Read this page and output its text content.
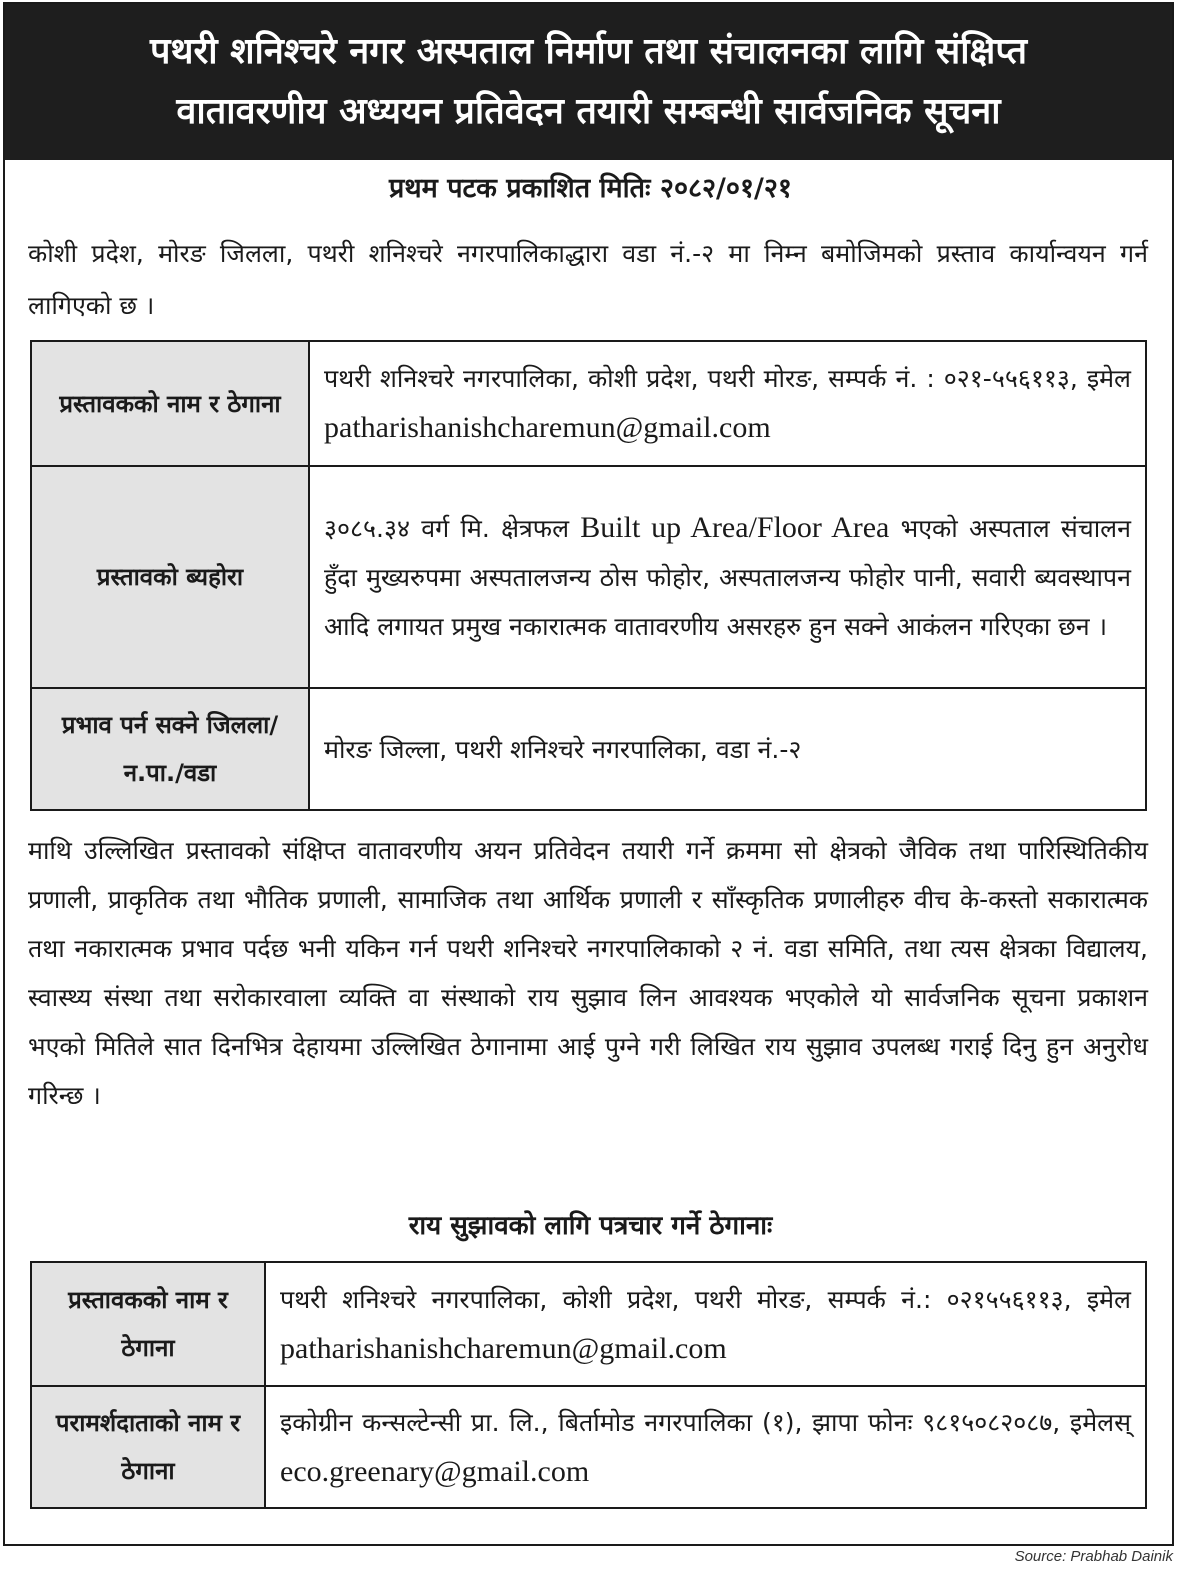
पथरी शनिश्चरे नगर अस्पताल निर्माण तथा संचालनका लागि संक्षिप्त
वातावरणीय अध्ययन प्रतिवेदन तयारी सम्बन्धी सार्वजनिक सूचना
प्रथम पटक प्रकाशित मितिः २०८२/०१/२१
कोशी प्रदेश, मोरङ जिलला, पथरी शनिश्चरे नगरपालिकाद्धारा वडा नं.-२ मा निम्न बमोजिमको प्रस्ताव कार्यान्वयन गर्न लागिएको छ ।
प्रस्तावकको नाम र ठेगाना	पथरी शनिश्चरे नगरपालिका, कोशी प्रदेश, पथरी मोरङ, सम्पर्क नं. : ०२१-५५६११३, इमेल patharishanishcharemun@gmail.com
प्रस्तावको ब्यहोरा	३०८५.३४ वर्ग मि. क्षेत्रफल Built up Area/Floor Area भएको अस्पताल संचालन हुँदा मुख्यरुपमा अस्पतालजन्य ठोस फोहोर, अस्पतालजन्य फोहोर पानी, सवारी ब्यवस्थापन आदि लगायत प्रमुख नकारात्मक वातावरणीय असरहरु हुन सक्ने आकंलन गरिएका छन ।
प्रभाव पर्न सक्ने जिलला/न.पा./वडा	मोरङ जिल्ला, पथरी शनिश्चरे नगरपालिका, वडा नं.-२
माथि उल्लिखित प्रस्तावको संक्षिप्त वातावरणीय अयन प्रतिवेदन तयारी गर्ने क्रममा सो क्षेत्रको जैविक तथा पारिस्थितिकीय प्रणाली, प्राकृतिक तथा भौतिक प्रणाली, सामाजिक तथा आर्थिक प्रणाली र साँस्कृतिक प्रणालीहरु वीच के-कस्तो सकारात्मक तथा नकारात्मक प्रभाव पर्दछ भनी यकिन गर्न पथरी शनिश्चरे नगरपालिकाको २ नं. वडा समिति, तथा त्यस क्षेत्रका विद्यालय, स्वास्थ्य संस्था तथा सरोकारवाला व्यक्ति वा संस्थाको राय सुझाव लिन आवश्यक भएकोले यो सार्वजनिक सूचना प्रकाशन भएको मितिले सात दिनभित्र देहायमा उल्लिखित ठेगानामा आई पुग्ने गरी लिखित राय सुझाव उपलब्ध गराई दिनु हुन अनुरोध गरिन्छ ।
राय सुझावको लागि पत्रचार गर्ने ठेगानाः
प्रस्तावकको नाम र ठेगाना	पथरी शनिश्चरे नगरपालिका, कोशी प्रदेश, पथरी मोरङ, सम्पर्क नं.: ०२१५५६११३, इमेल patharishanishcharemun@gmail.com
परामर्शदाताको नाम र ठेगाना	इकोग्रीन कन्सल्टेन्सी प्रा. लि., बिर्तामोड नगरपालिका (१), झापा फोनः ९८१५०८२०८७, इमेलस् eco.greenary@gmail.com
Source: Prabhab Dainik
